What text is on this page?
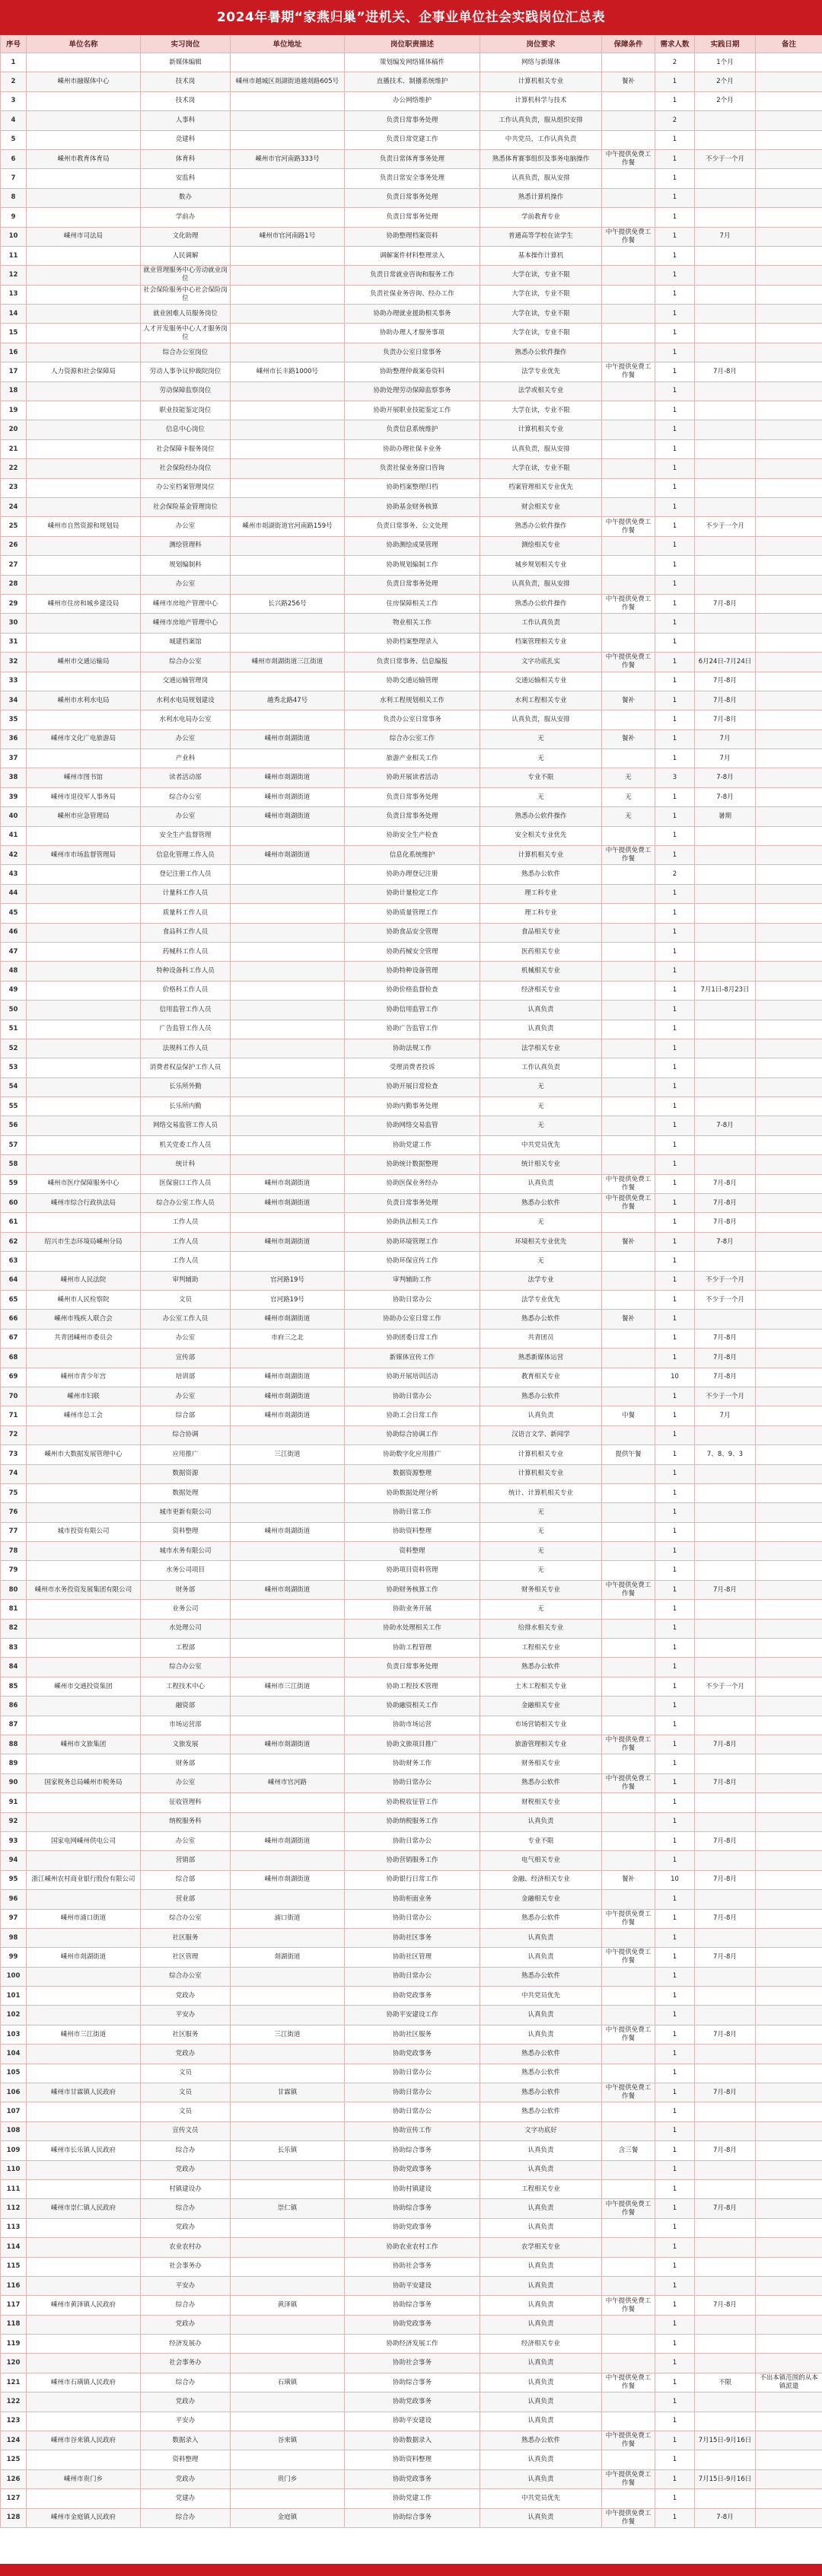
2024年暑期“家燕归巢”进机关、企事业单位社会实践岗位汇总表
序号	单位名称	实习岗位	单位地址	岗位职责描述	岗位要求	保障条件	需求人数	实践日期	备注
1		新媒体编辑		策划编发网络媒体稿件	网络与新媒体		2	1个月	
2	嵊州市融媒体中心	技术岗	嵊州市越城区剡湖街道越剡路605号	直播技术、制播系统维护	计算机相关专业	餐补	1	2个月	
3		技术岗		办公网络维护	计算机科学与技术		1	2个月	
4		人事科		负责日常事务处理	工作认真负责，服从组织安排		2		
5		竞建科		负责日常党建工作	中共党员，工作认真负责		1		
6	嵊州市教育体育局	体育科	嵊州市官河南路333号	负责日常体育事务处理	熟悉体育赛事组织及事务电脑操作	中午提供免费工作餐	1	不少于一个月	
7		安监科		负责日常安全事务处理	认真负责，服从安排		1		
8		数办		负责日常事务处理	熟悉计算机操作		1		
9		学前办		负责日常事务处理	学前教育专业		1		
10	嵊州市司法局	文化助理	嵊州市官河南路1号	协助整理档案资料	普通高等学校在读学生	中午提供免费工作餐	1	7月	
11		人民调解		调解案件材料整理录入	基本操作计算机		1		
12		就业管理服务中心劳动就业岗位		负责日常就业咨询和服务工作	大学在读，专业不限		1		
13		社会保险服务中心社会保险岗位		负责社保业务咨询、经办工作	大学在读，专业不限		1		
14		就业困难人员服务岗位		协助办理就业援助相关事务	大学在读，专业不限		1		
15		人才开发服务中心人才服务岗位		协助办理人才服务事项	大学在读，专业不限		1		
16		综合办公室岗位		负责办公室日常事务	熟悉办公软件操作		1		
17	人力资源和社会保障局	劳动人事争议仲裁院岗位	嵊州市长丰路1000号	协助整理仲裁案卷资料	法学专业优先	中午提供免费工作餐	1	7月-8月	
18		劳动保障监察岗位		协助处理劳动保障监察事务	法学或相关专业		1		
19		职业技能鉴定岗位		协助开展职业技能鉴定工作	大学在读，专业不限		1		
20		信息中心岗位		负责信息系统维护	计算机相关专业		1		
21		社会保障卡服务岗位		协助办理社保卡业务	认真负责，服从安排		1		
22		社会保险经办岗位		负责社保业务窗口咨询	大学在读，专业不限		1		
23		办公室档案管理岗位		协助档案整理归档	档案管理相关专业优先		1		
24		社会保险基金管理岗位		协助基金财务核算	财会相关专业		1		
25	嵊州市自然资源和规划局	办公室	嵊州市剡湖街道官河南路159号	负责日常事务、公文处理	熟悉办公软件操作	中午提供免费工作餐	1	不少于一个月	
26		测绘管理科		协助测绘成果管理	测绘相关专业		1		
27		规划编制科		协助规划编制工作	城乡规划相关专业		1		
28		办公室		负责日常事务处理	认真负责，服从安排		1		
29	嵊州市住房和城乡建设局	嵊州市房地产管理中心	长兴路256号	住房保障相关工作	熟悉办公软件操作	中午提供免费工作餐	1	7月-8月	
30		嵊州市房地产管理中心		物业相关工作	工作认真负责		1		
31		城建档案馆		协助档案整理录入	档案管理相关专业		1		
32	嵊州市交通运输局	综合办公室	嵊州市剡湖街道三江街道	负责日常事务、信息编报	文字功底扎实	中午提供免费工作餐	1	6月24日-7月24日	
33		交通运输管理岗		协助交通运输管理	交通运输相关专业		1	7月-8月	
34	嵊州市水利水电局	水利水电局规划建设	越秀北路47号	水利工程规划相关工作	水利工程相关专业	餐补	1	7月-8月	
35		水利水电局办公室		负责办公室日常事务	认真负责，服从安排		1	7月-8月	
36	嵊州市文化广电旅游局	办公室	嵊州市剡湖街道	综合办公室工作	无	餐补	1	7月	
37		产业科		旅游产业相关工作	无		1	7月	
38	嵊州市图书馆	读者活动部	嵊州市剡湖街道	协助开展读者活动	专业不限	无	3	7-8月	
39	嵊州市退役军人事务局	综合办公室	嵊州市剡湖街道	负责日常事务处理	无	无	1	7-8月	
40	嵊州市应急管理局	办公室	嵊州市剡湖街道	负责日常事务处理	熟悉办公软件操作	无	1	暑期	
41		安全生产监督管理		协助安全生产检查	安全相关专业优先		1		
42	嵊州市市场监督管理局	信息化管理工作人员	嵊州市剡湖街道	信息化系统维护	计算机相关专业	中午提供免费工作餐	1		
43		登记注册工作人员		协助办理登记注册	熟悉办公软件		2		
44		计量科工作人员		协助计量检定工作	理工科专业		1		
45		质量科工作人员		协助质量管理工作	理工科专业		1		
46		食品科工作人员		协助食品安全管理	食品相关专业		1		
47		药械科工作人员		协助药械安全管理	医药相关专业		1		
48		特种设备科工作人员		协助特种设备管理	机械相关专业		1		
49		价格科工作人员		协助价格监督检查	经济相关专业		1	7月1日-8月23日	
50		信用监管工作人员		协助信用监管工作	认真负责		1		
51		广告监管工作人员		协助广告监管工作	认真负责		1		
52		法规科工作人员		协助法规工作	法学相关专业		1		
53		消费者权益保护工作人员		受理消费者投诉	工作认真负责		1		
54		长乐所外勤		协助开展日常检查	无		1		
55		长乐所内勤		协助内勤事务处理	无		1		
56		网络交易监管工作人员		协助网络交易监管	无		1	7-8月	
57		机关党委工作人员		协助党建工作	中共党员优先		1		
58		统计科		协助统计数据整理	统计相关专业		1		
59	嵊州市医疗保障服务中心	医保窗口工作人员	嵊州市剡湖街道	协助医保业务经办	认真负责	中午提供免费工作餐	1	7月-8月	
60	嵊州市综合行政执法局	综合办公室工作人员	嵊州市剡湖街道	负责日常事务处理	熟悉办公软件	中午提供免费工作餐	1	7月-8月	
61		工作人员		协助执法相关工作	无		1	7月-8月	
62	绍兴市生态环境局嵊州分局	工作人员	嵊州市剡湖街道	协助环境管理工作	环境相关专业优先	餐补	1	7-8月	
63		工作人员		协助环保宣传工作	无		1		
64	嵊州市人民法院	审判辅助	官河路19号	审判辅助工作	法学专业		1	不少于一个月	
65	嵊州市人民检察院	文员	官河路19号	协助日常办公	法学专业优先		1	不少于一个月	
66	嵊州市残疾人联合会	办公室工作人员	嵊州市剡湖街道	协助办公室日常工作	熟悉办公软件	餐补	1		
67	共青团嵊州市委员会	办公室	市府三之北	协助团委日常工作	共青团员		1	7月-8月	
68		宣传部		新媒体宣传工作	熟悉新媒体运营		1	7月-8月	
69	嵊州市青少年宫	培训部	嵊州市剡湖街道	协助开展培训活动	教育相关专业		10	7月-8月	
70	嵊州市妇联	办公室	嵊州市剡湖街道	协助日常办公	熟悉办公软件		1	不少于一个月	
71	嵊州市总工会	综合部	嵊州市剡湖街道	协助工会日常工作	认真负责	中餐	1	7月	
72		综合协调		协助综合协调工作	汉语言文学、新闻学		1		
73	嵊州市大数据发展管理中心	应用推广	三江街道	协助数字化应用推广	计算机相关专业	提供午餐	1	7、8、9、3	
74		数据资源		数据资源整理	计算机相关专业		1		
75		数据处理		协助数据处理分析	统计、计算机相关专业		1		
76		城市更新有限公司		协助日常工作	无		1		
77	城市投资有限公司	资料整理	嵊州市剡湖街道	协助资料整理	无		1		
78		城市水务有限公司		资料整理	无		1		
79		水务公司项目		协助项目资料管理	无		1		
80	嵊州市水务投资发展集团有限公司	财务部	嵊州市剡湖街道	协助财务核算工作	财务相关专业	中午提供免费工作餐	1	7月-8月	
81		业务公司		协助业务开展	无		1		
82		水处理公司		协助水处理相关工作	给排水相关专业		1		
83		工程部		协助工程管理	工程相关专业		1		
84		综合办公室		负责日常事务处理	熟悉办公软件		1		
85	嵊州市交通投资集团	工程技术中心	嵊州市三江街道	协助工程技术管理	土木工程相关专业		1	不少于一个月	
86		融资部		协助融资相关工作	金融相关专业		1		
87		市场运营部		协助市场运营	市场营销相关专业		1		
88	嵊州市文旅集团	文旅发展	嵊州市剡湖街道	协助文旅项目推广	旅游管理相关专业	中午提供免费工作餐	1	7月-8月	
89		财务部		协助财务工作	财务相关专业		1		
90	国家税务总局嵊州市税务局	办公室	嵊州市官河路	协助日常办公	熟悉办公软件	中午提供免费工作餐	1	7月-8月	
91		征收管理科		协助税收征管工作	财税相关专业		1		
92		纳税服务科		协助纳税服务工作	认真负责		1		
93	国家电网嵊州供电公司	办公室	嵊州市剡湖街道	协助日常办公	专业不限		1	7月-8月	
94		营销部		协助营销服务工作	电气相关专业		1		
95	浙江嵊州农村商业银行股份有限公司	综合部	嵊州市剡湖街道	协助银行日常工作	金融、经济相关专业	餐补	10	7月-8月	
96		营业部		协助柜面业务	金融相关专业		1		
97	嵊州市浦口街道	综合办公室	浦口街道	协助日常办公	熟悉办公软件	中午提供免费工作餐	1	7月-8月	
98		社区服务		协助社区事务	认真负责		1		
99	嵊州市剡湖街道	社区管理	剡湖街道	协助社区管理	认真负责	中午提供免费工作餐	1	7月-8月	
100		综合办公室		协助日常办公	熟悉办公软件		1		
101		党政办		协助党政事务	中共党员优先		1		
102		平安办		协助平安建设工作	认真负责		1		
103	嵊州市三江街道	社区服务	三江街道	协助社区服务	认真负责	中午提供免费工作餐	1	7月-8月	
104		党政办		协助党政事务	熟悉办公软件		1		
105		文员		协助日常办公	熟悉办公软件		1		
106	嵊州市甘霖镇人民政府	文员	甘霖镇	协助日常办公	熟悉办公软件	中午提供免费工作餐	1	7月-8月	
107		文员		协助日常办公	熟悉办公软件		1		
108		宣传文员		协助宣传工作	文字功底好		1		
109	嵊州市长乐镇人民政府	综合办	长乐镇	协助综合事务	认真负责	含三餐	1	7月-8月	
110		党政办		协助党政事务	认真负责		1		
111		村镇建设办		协助村镇建设	工程相关专业		1		
112	嵊州市崇仁镇人民政府	综合办	崇仁镇	协助综合事务	认真负责	中午提供免费工作餐	1	7月-8月	
113		党政办		协助党政事务	认真负责		1		
114		农业农村办		协助农业农村工作	农学相关专业		1		
115		社会事务办		协助社会事务	认真负责		1		
116		平安办		协助平安建设	认真负责		1		
117	嵊州市黄泽镇人民政府	综合办	黄泽镇	协助综合事务	认真负责	中午提供免费工作餐	1	7月-8月	
118		党政办		协助党政事务	认真负责		1		
119		经济发展办		协助经济发展工作	经济相关专业		1		
120		社会事务办		协助社会事务	认真负责		1		
121	嵊州市石璜镇人民政府	综合办	石璜镇	协助综合事务	认真负责	中午提供免费工作餐	1	不限	不出本镇范围的从本镇派遣
122		党政办		协助党政事务	认真负责		1		
123		平安办		协助平安建设	认真负责		1		
124	嵊州市谷来镇人民政府	数据录入	谷来镇	协助数据录入	熟悉办公软件	中午提供免费工作餐	1	7月15日-9月16日	
125		资料整理		协助资料整理	认真负责		1		
126	嵊州市贵门乡	党政办	贵门乡	协助党政事务	认真负责	中午提供免费工作餐	1	7月15日-9月16日	
127		党建办		协助党建工作	中共党员优先		1		
128	嵊州市金庭镇人民政府	综合办	金庭镇	协助综合事务	认真负责	中午提供免费工作餐	1	7-8月	
